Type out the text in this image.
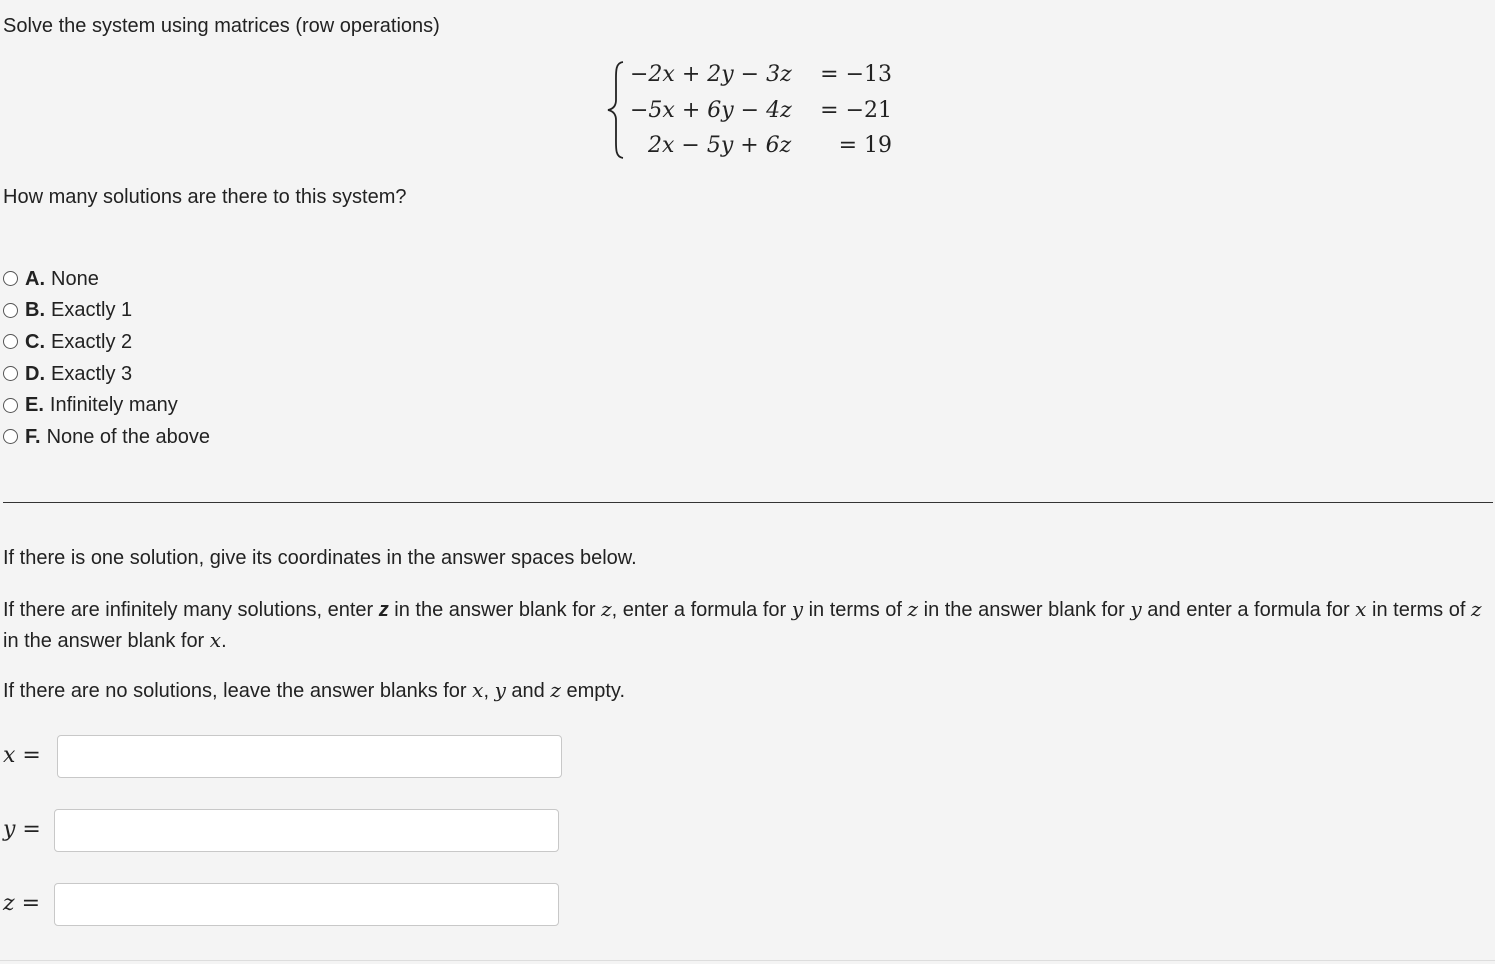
Solve the system using matrices (row operations)
−2x + 2y − 3z = −13
−5x + 6y − 4z = −21
2x − 5y + 6z = 19
How many solutions are there to this system?
A. None
B. Exactly 1
C. Exactly 2
D. Exactly 3
E. Infinitely many
F. None of the above
If there is one solution, give its coordinates in the answer spaces below.
If there are infinitely many solutions, enter z in the answer blank for z, enter a formula for y in terms of z in the answer blank for y and enter a formula for x in terms of z in the answer blank for x.
If there are no solutions, leave the answer blanks for x, y and z empty.
x =
y =
z =
